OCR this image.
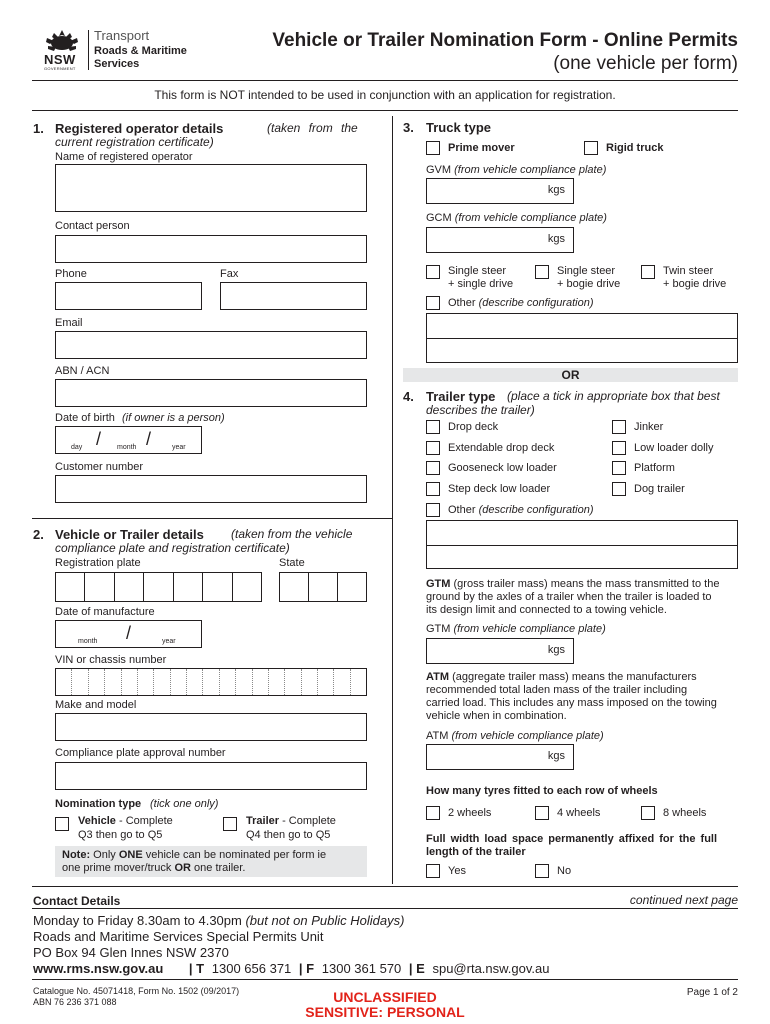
NSW
GOVERNMENT
Transport
Roads & Maritime
Services
Vehicle or Trailer Nomination Form - Online Permits
(one vehicle per form)
This form is NOT intended to be used in conjunction with an application for registration.
1. Registered operator details	(taken from the
current registration certificate)
Name of registered operator
Contact person
Phone	Fax
Email
ABN / ACN
Date of birth (if owner is a person)
/ /
day	month	year
Customer number
2. Vehicle or Trailer details (taken from the vehicle
compliance plate and registration certificate)
Registration plate	State
Date of manufacture
/
month	year
VIN or chassis number
Make and model
Compliance plate approval number
Nomination type (tick one only)
Vehicle - Complete
Q3 then go to Q5
Trailer - Complete
Q4 then go to Q5
Note: Only ONE vehicle can be nominated per form ie
one prime mover/truck OR one trailer.
3. Truck type
Prime mover	Rigid truck
GVM (from vehicle compliance plate)
kgs
GCM (from vehicle compliance plate)
kgs
Single steer
+ single drive
Single steer
+ bogie drive
Twin steer
+ bogie drive
Other (describe configuration)
OR
4. Trailer type (place a tick in appropriate box that best
describes the trailer)
Drop deck
Extendable drop deck
Gooseneck low loader
Step deck low loader
Jinker
Low loader dolly
Platform
Dog trailer
Other (describe configuration)
GTM (gross trailer mass) means the mass transmitted to the
ground by the axles of a trailer when the trailer is loaded to
its design limit and connected to a towing vehicle.
GTM (from vehicle compliance plate)
kgs
ATM (aggregate trailer mass) means the manufacturers
recommended total laden mass of the trailer including
carried load. This includes any mass imposed on the towing
vehicle when in combination.
ATM (from vehicle compliance plate)
kgs
How many tyres fitted to each row of wheels
2 wheels	4 wheels	8 wheels
Full width load space permanently affixed for the full
length of the trailer
Yes	No
Contact Details	continued next page
Monday to Friday 8.30am to 4.30pm (but not on Public Holidays)
Roads and Maritime Services Special Permits Unit
PO Box 94 Glen Innes NSW 2370
www.rms.nsw.gov.au | T 1300 656 371 | F 1300 361 570 | E spu@rta.nsw.gov.au
Catalogue No. 45071418, Form No. 1502 (09/2017)
ABN 76 236 371 088	UNCLASSIFIED
SENSITIVE: PERSONAL
Page 1 of 2
